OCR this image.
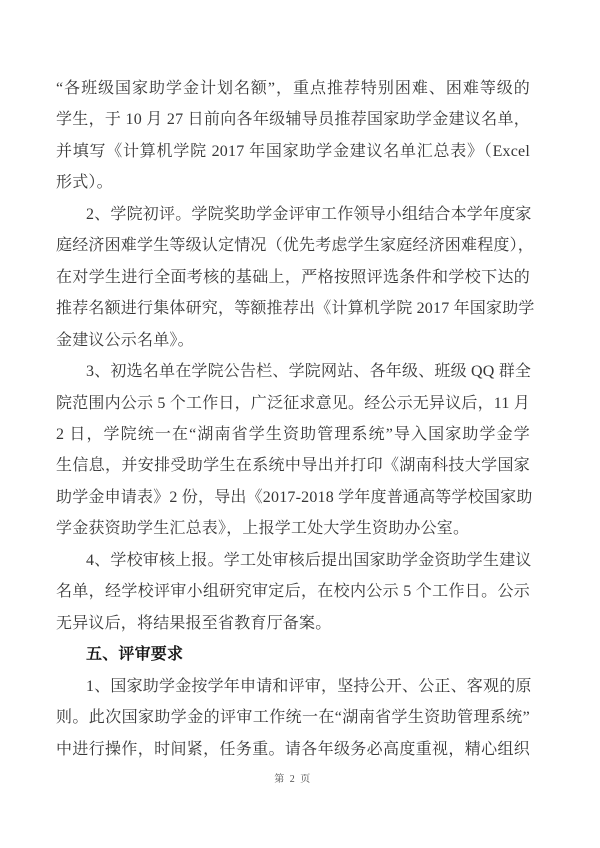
“各班级国家助学金计划名额”，重点推荐特别困难、困难等级的
学生，于 10 月 27 日前向各年级辅导员推荐国家助学金建议名单，
并填写《计算机学院 2017 年国家助学金建议名单汇总表》（Excel
形式）。
2、学院初评。学院奖助学金评审工作领导小组结合本学年度家
庭经济困难学生等级认定情况（优先考虑学生家庭经济困难程度），
在对学生进行全面考核的基础上，严格按照评选条件和学校下达的
推荐名额进行集体研究，等额推荐出《计算机学院 2017 年国家助学
金建议公示名单》。
3、初选名单在学院公告栏、学院网站、各年级、班级 QQ 群全
院范围内公示 5 个工作日，广泛征求意见。经公示无异议后，11 月
2 日，学院统一在“湖南省学生资助管理系统”导入国家助学金学
生信息，并安排受助学生在系统中导出并打印《湖南科技大学国家
助学金申请表》2 份，导出《2017-2018 学年度普通高等学校国家助
学金获资助学生汇总表》，上报学工处大学生资助办公室。
4、学校审核上报。学工处审核后提出国家助学金资助学生建议
名单，经学校评审小组研究审定后，在校内公示 5 个工作日。公示
无异议后，将结果报至省教育厅备案。
五、评审要求
1、国家助学金按学年申请和评审，坚持公开、公正、客观的原
则。此次国家助学金的评审工作统一在“湖南省学生资助管理系统”
中进行操作，时间紧，任务重。请各年级务必高度重视，精心组织
第 2 页
